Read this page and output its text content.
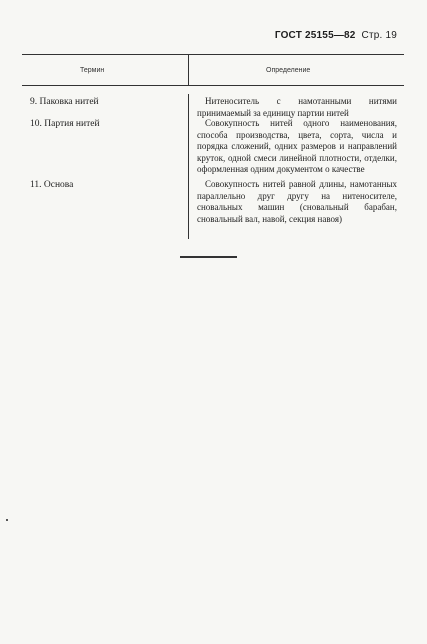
ГОСТ 25155—82 Стр. 19
Термин	Определение
9. Паковка нитей	Нитеноситель с намотанными нитями принимаемый за единицу партии нитей
10. Партия нитей	Совокупность нитей одного наименования, способа производства, цвета, сорта, числа и порядка сложений, одних размеров и направлений круток, одной смеси линейной плотности, отделки, оформленная одним документом о качестве
11. Основа	Совокупность нитей равной длины, намотанных параллельно друг другу на нитеносителе, сновальных машин (сновальный барабан, сновальный вал, навой, секция навоя)
